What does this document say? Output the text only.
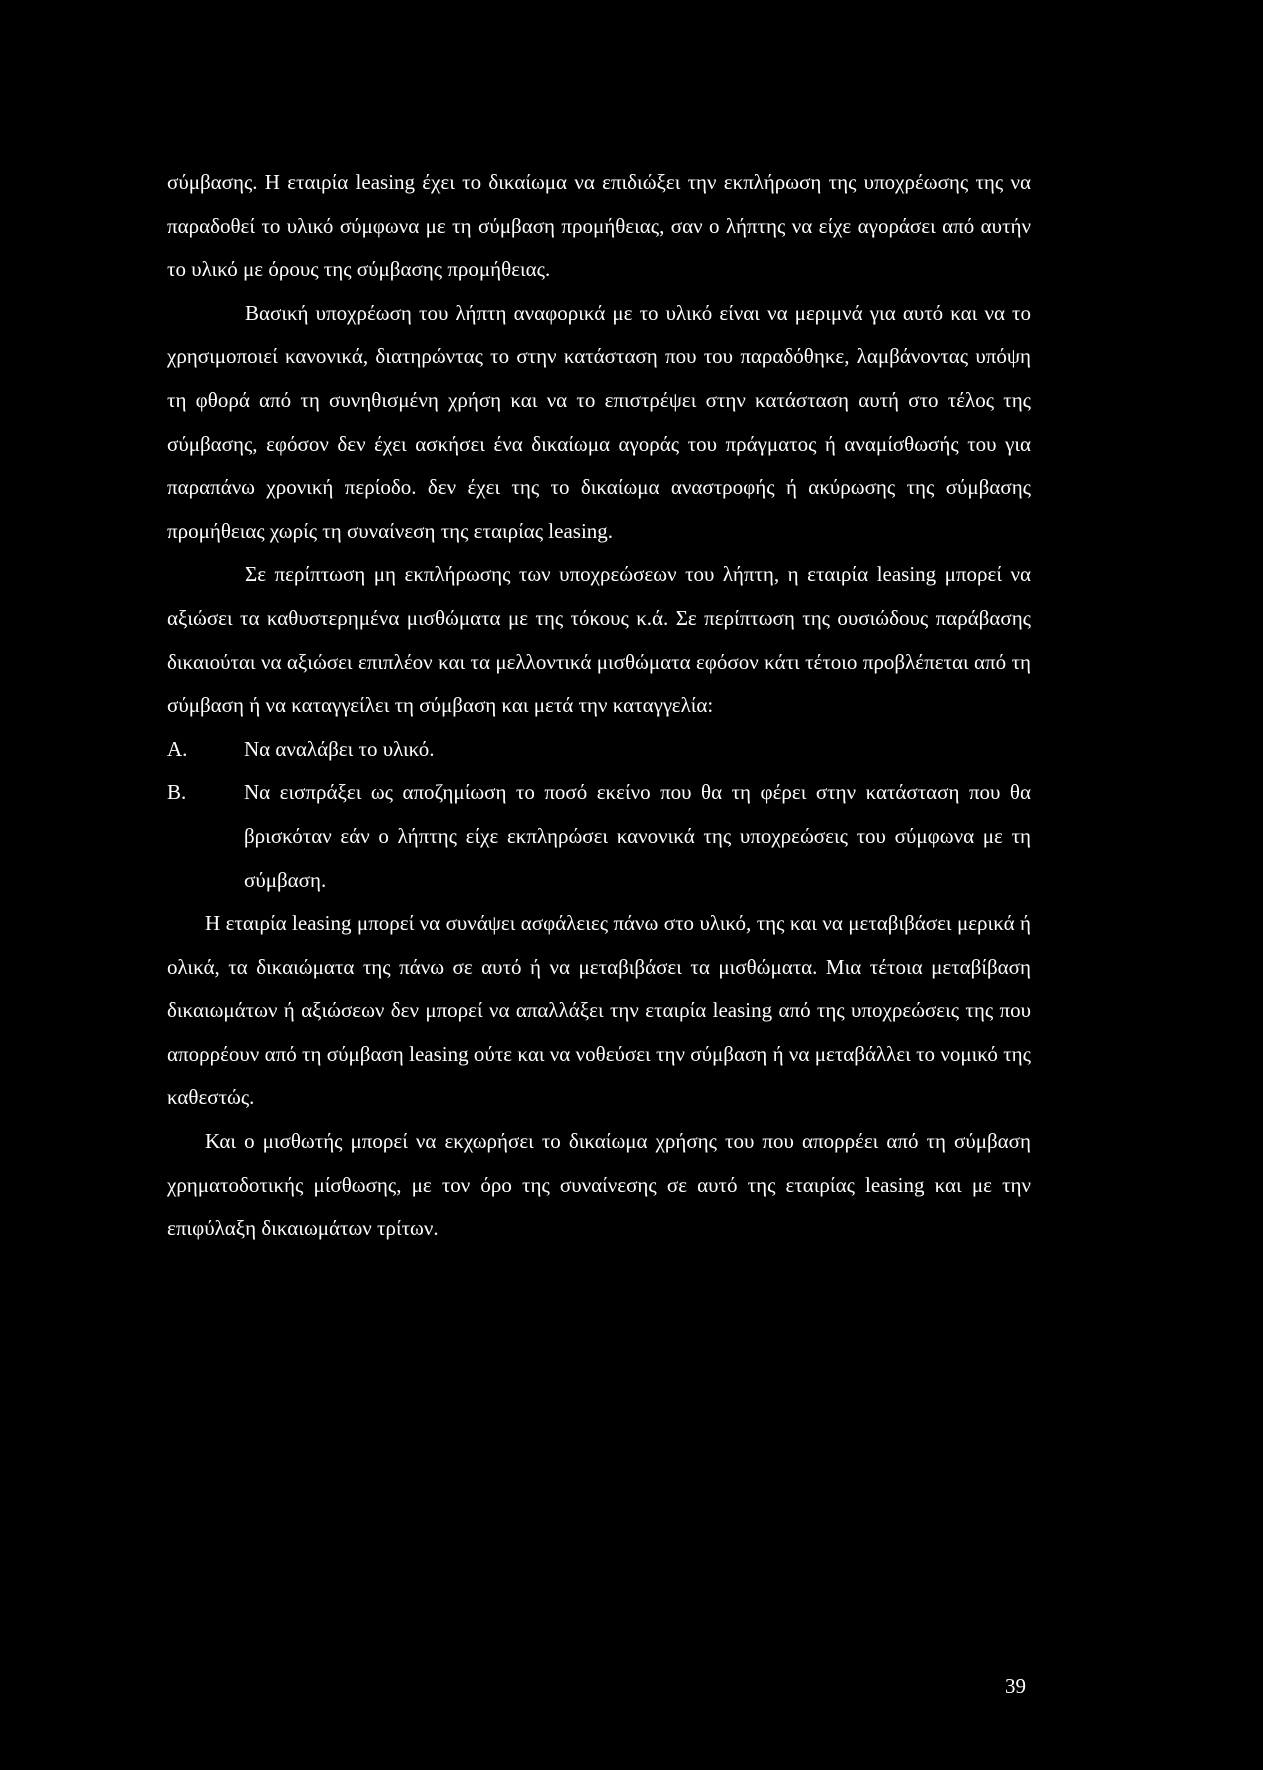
σύμβασης. Η εταιρία leasing έχει το δικαίωμα να επιδιώξει την εκπλήρωση της υποχρέωσης της να παραδοθεί το υλικό σύμφωνα με τη σύμβαση προμήθειας, σαν ο λήπτης να είχε αγοράσει από αυτήν το υλικό με όρους της σύμβασης προμήθειας.

Βασική υποχρέωση του λήπτη αναφορικά με το υλικό είναι να μεριμνά για αυτό και να το χρησιμοποιεί κανονικά, διατηρώντας το στην κατάσταση που του παραδόθηκε, λαμβάνοντας υπόψη τη φθορά από τη συνηθισμένη χρήση και να το επιστρέψει στην κατάσταση αυτή στο τέλος της σύμβασης, εφόσον δεν έχει ασκήσει ένα δικαίωμα αγοράς του πράγματος ή αναμίσθωσής του για παραπάνω χρονική περίοδο. δεν έχει της το δικαίωμα αναστροφής ή ακύρωσης της σύμβασης προμήθειας χωρίς τη συναίνεση της εταιρίας leasing.

Σε περίπτωση μη εκπλήρωσης των υποχρεώσεων του λήπτη, η εταιρία leasing μπορεί να αξιώσει τα καθυστερημένα μισθώματα με της τόκους κ.ά. Σε περίπτωση της ουσιώδους παράβασης δικαιούται να αξιώσει επιπλέον και τα μελλοντικά μισθώματα εφόσον κάτι τέτοιο προβλέπεται από τη σύμβαση ή να καταγγείλει τη σύμβαση και μετά την καταγγελία:

Α.	Να αναλάβει το υλικό.
Β.	Να εισπράξει ως αποζημίωση το ποσό εκείνο που θα τη φέρει στην κατάσταση που θα βρισκόταν εάν ο λήπτης είχε εκπληρώσει κανονικά της υποχρεώσεις του σύμφωνα με τη σύμβαση.

Η εταιρία leasing μπορεί να συνάψει ασφάλειες πάνω στο υλικό, της και να μεταβιβάσει μερικά ή ολικά, τα δικαιώματα της πάνω σε αυτό ή να μεταβιβάσει τα μισθώματα. Μια τέτοια μεταβίβαση δικαιωμάτων ή αξιώσεων δεν μπορεί να απαλλάξει την εταιρία leasing από της υποχρεώσεις της που απορρέουν από τη σύμβαση leasing ούτε και να νοθεύσει την σύμβαση ή να μεταβάλλει το νομικό της καθεστώς.

Και ο μισθωτής μπορεί να εκχωρήσει το δικαίωμα χρήσης του που απορρέει από τη σύμβαση χρηματοδοτικής μίσθωσης, με τον όρο της συναίνεσης σε αυτό της εταιρίας leasing και με την επιφύλαξη δικαιωμάτων τρίτων.

39
